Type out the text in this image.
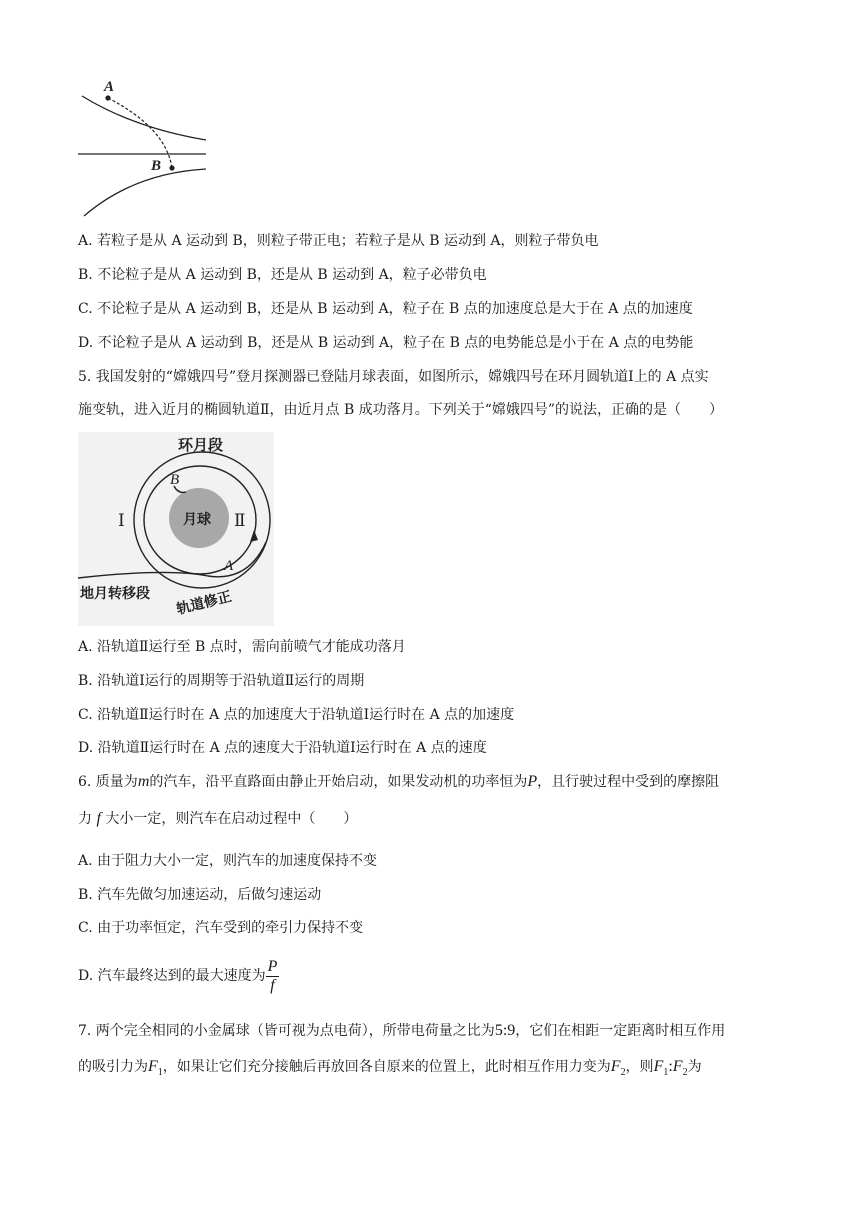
A
B
A. 若粒子是从 A 运动到 B，则粒子带正电；若粒子是从 B 运动到 A，则粒子带负电
B. 不论粒子是从 A 运动到 B，还是从 B 运动到 A，粒子必带负电
C. 不论粒子是从 A 运动到 B，还是从 B 运动到 A，粒子在 B 点的加速度总是大于在 A 点的加速度
D. 不论粒子是从 A 运动到 B，还是从 B 运动到 A，粒子在 B 点的电势能总是小于在 A 点的电势能
5. 我国发射的“嫦娥四号”登月探测器已登陆月球表面，如图所示，嫦娥四号在环月圆轨道Ⅰ上的 A 点实
施变轨，进入近月的椭圆轨道Ⅱ，由近月点 B 成功落月。下列关于“嫦娥四号”的说法，正确的是（　　）
环月段
月球
Ⅰ	Ⅱ
B
A
地月转移段 轨道修正
A. 沿轨道Ⅱ运行至 B 点时，需向前喷气才能成功落月
B. 沿轨道Ⅰ运行的周期等于沿轨道Ⅱ运行的周期
C. 沿轨道Ⅱ运行时在 A 点的加速度大于沿轨道Ⅰ运行时在 A 点的加速度
D. 沿轨道Ⅱ运行时在 A 点的速度大于沿轨道Ⅰ运行时在 A 点的速度
6. 质量为m的汽车，沿平直路面由静止开始启动，如果发动机的功率恒为P，且行驶过程中受到的摩擦阻
力 f 大小一定，则汽车在启动过程中（　　）
A. 由于阻力大小一定，则汽车的加速度保持不变
B. 汽车先做匀加速运动，后做匀速运动
C. 由于功率恒定，汽车受到的牵引力保持不变
D. 汽车最终达到的最大速度为 $\frac{P}{f}$
7. 两个完全相同的小金属球（皆可视为点电荷），所带电荷量之比为5:9，它们在相距一定距离时相互作用
的吸引力为$F_1$，如果让它们充分接触后再放回各自原来的位置上，此时相互作用力变为$F_2$，则$F_1:F_2$为
